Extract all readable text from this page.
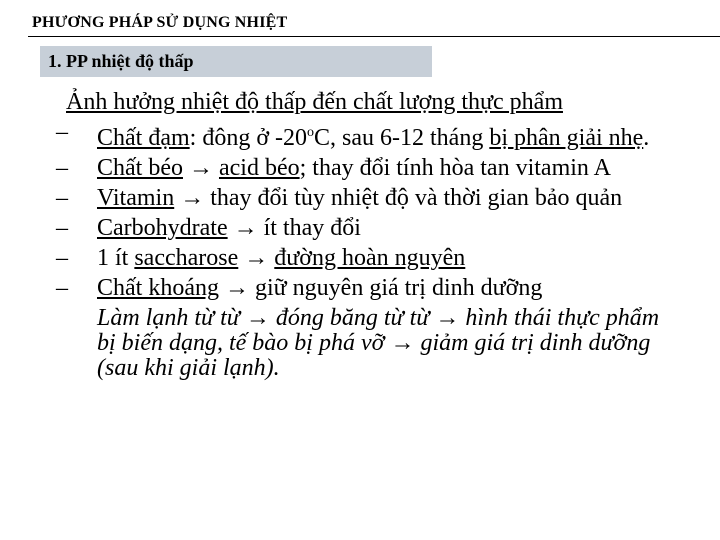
PHƯƠNG PHÁP SỬ DỤNG NHIỆT
1. PP nhiệt độ thấp
Ảnh hưởng nhiệt độ thấp đến chất lượng thực phẩm
– Chất đạm: đông ở -20$^o$C, sau 6-12 tháng bị phân giải nhẹ.
– Chất béo → acid béo; thay đổi tính hòa tan vitamin A
– Vitamin → thay đổi tùy nhiệt độ và thời gian bảo quản
– Carbohydrate → ít thay đổi
– 1 ít saccharose → đường hoàn nguyên
– Chất khoáng → giữ nguyên giá trị dinh dưỡng
Làm lạnh từ từ → đóng băng từ từ → hình thái thực phẩm bị biến dạng, tế bào bị phá vỡ → giảm giá trị dinh dưỡng (sau khi giải lạnh).
